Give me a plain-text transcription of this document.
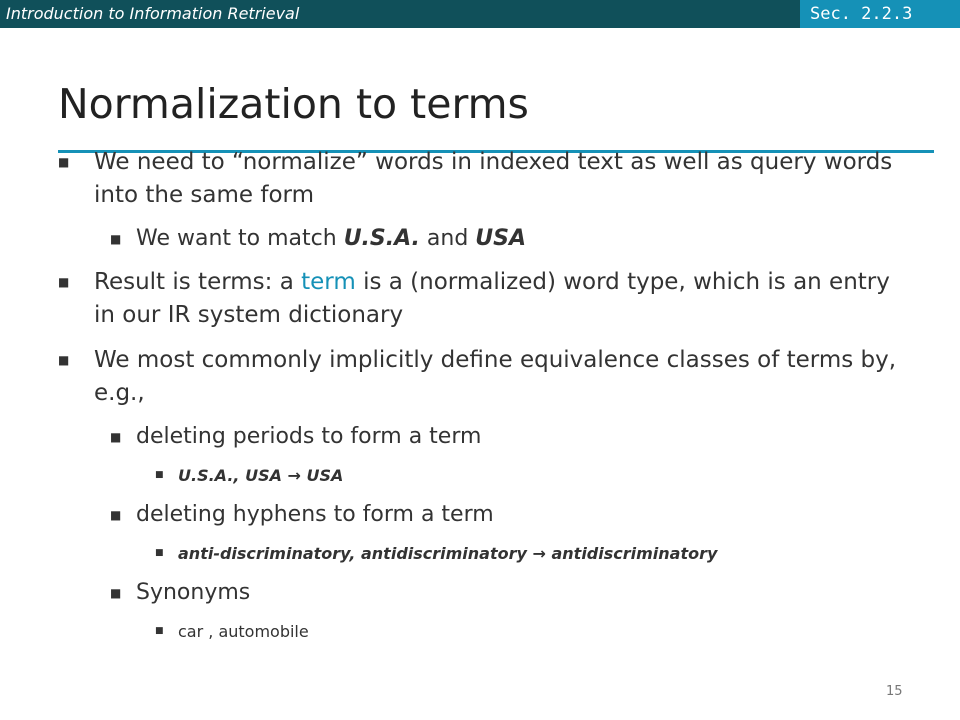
Introduction to Information Retrieval	Sec. 2.2.3
Normalization to terms
■ We need to “normalize” words in indexed text as well as query words into the same form
■ We want to match U.S.A. and USA
■ Result is terms: a term is a (normalized) word type, which is an entry in our IR system dictionary
■ We most commonly implicitly define equivalence classes of terms by, e.g.,
■ deleting periods to form a term
■ U.S.A., USA → USA
■ deleting hyphens to form a term
■ anti-discriminatory, antidiscriminatory → antidiscriminatory
■ Synonyms
■ car , automobile
15
